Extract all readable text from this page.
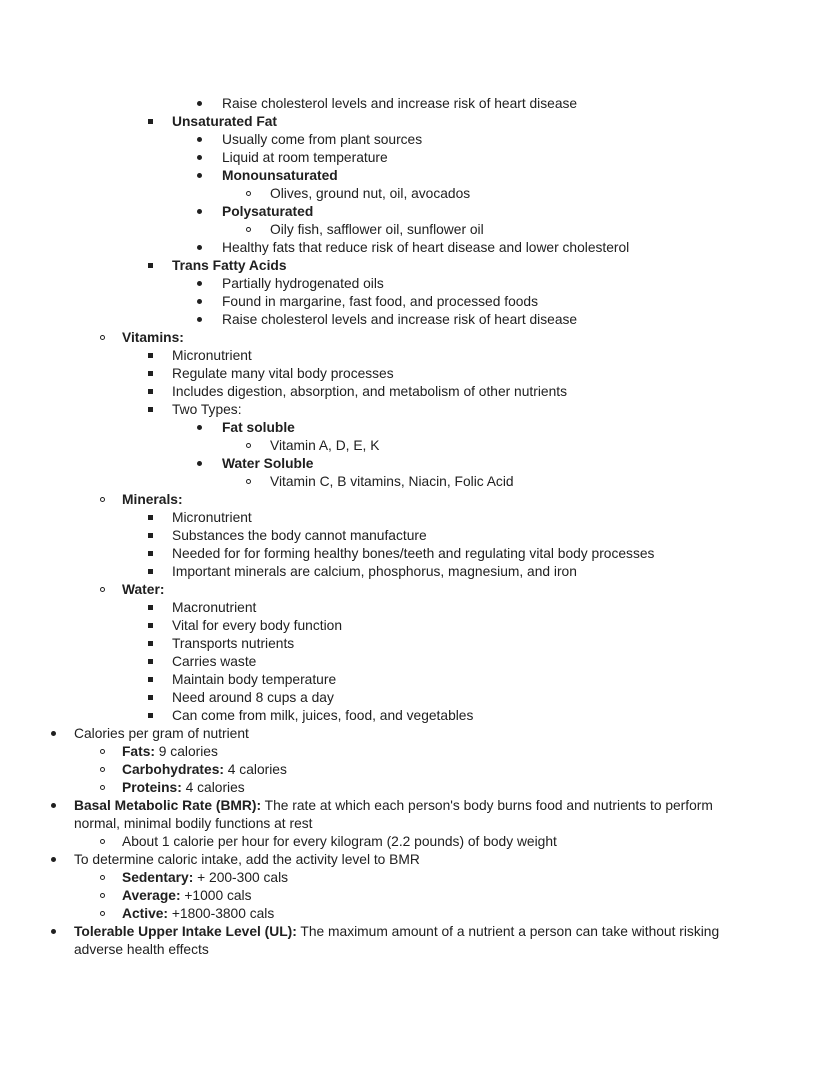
Raise cholesterol levels and increase risk of heart disease
Unsaturated Fat
Usually come from plant sources
Liquid at room temperature
Monounsaturated
Olives, ground nut, oil, avocados
Polysaturated
Oily fish, safflower oil, sunflower oil
Healthy fats that reduce risk of heart disease and lower cholesterol
Trans Fatty Acids
Partially hydrogenated oils
Found in margarine, fast food, and processed foods
Raise cholesterol levels and increase risk of heart disease
Vitamins:
Micronutrient
Regulate many vital body processes
Includes digestion, absorption, and metabolism of other nutrients
Two Types:
Fat soluble
Vitamin A, D, E, K
Water Soluble
Vitamin C, B vitamins, Niacin, Folic Acid
Minerals:
Micronutrient
Substances the body cannot manufacture
Needed for for forming healthy bones/teeth and regulating vital body processes
Important minerals are calcium, phosphorus, magnesium, and iron
Water:
Macronutrient
Vital for every body function
Transports nutrients
Carries waste
Maintain body temperature
Need around 8 cups a day
Can come from milk, juices, food, and vegetables
Calories per gram of nutrient
Fats: 9 calories
Carbohydrates: 4 calories
Proteins: 4 calories
Basal Metabolic Rate (BMR): The rate at which each person's body burns food and nutrients to perform normal, minimal bodily functions at rest
About 1 calorie per hour for every kilogram (2.2 pounds) of body weight
To determine caloric intake, add the activity level to BMR
Sedentary: + 200-300 cals
Average: +1000 cals
Active: +1800-3800 cals
Tolerable Upper Intake Level (UL): The maximum amount of a nutrient a person can take without risking adverse health effects
